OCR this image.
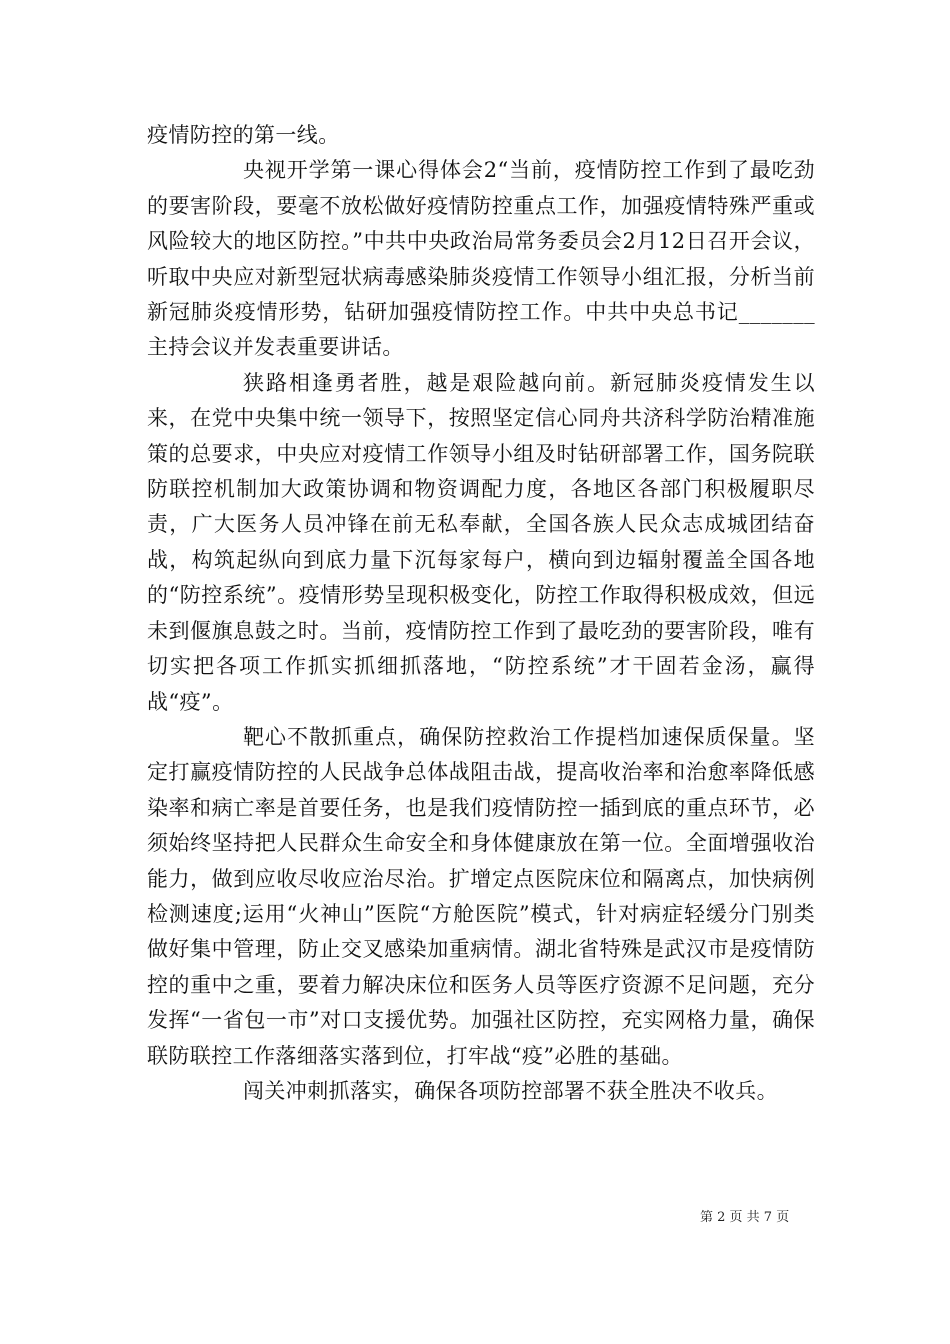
疫情防控的第一线。

央视开学第一课心得体会2“当前，疫情防控工作到了最吃劲的要害阶段，要毫不放松做好疫情防控重点工作，加强疫情特殊严重或风险较大的地区防控。”中共中央政治局常务委员会2月12日召开会议，听取中央应对新型冠状病毒感染肺炎疫情工作领导小组汇报，分析当前新冠肺炎疫情形势，钻研加强疫情防控工作。中共中央总书记_______主持会议并发表重要讲话。

狭路相逢勇者胜，越是艰险越向前。新冠肺炎疫情发生以来，在党中央集中统一领导下，按照坚定信心同舟共济科学防治精准施策的总要求，中央应对疫情工作领导小组及时钻研部署工作，国务院联防联控机制加大政策协调和物资调配力度，各地区各部门积极履职尽责，广大医务人员冲锋在前无私奉献，全国各族人民众志成城团结奋战，构筑起纵向到底力量下沉每家每户，横向到边辐射覆盖全国各地的“防控系统”。疫情形势呈现积极变化，防控工作取得积极成效，但远未到偃旗息鼓之时。当前，疫情防控工作到了最吃劲的要害阶段，唯有切实把各项工作抓实抓细抓落地，“防控系统”才干固若金汤，赢得战“疫”。

靶心不散抓重点，确保防控救治工作提档加速保质保量。坚定打赢疫情防控的人民战争总体战阻击战，提高收治率和治愈率降低感染率和病亡率是首要任务，也是我们疫情防控一插到底的重点环节，必须始终坚持把人民群众生命安全和身体健康放在第一位。全面增强收治能力，做到应收尽收应治尽治。扩增定点医院床位和隔离点，加快病例检测速度;运用“火神山”医院“方舱医院”模式，针对病症轻缓分门别类做好集中管理，防止交叉感染加重病情。湖北省特殊是武汉市是疫情防控的重中之重，要着力解决床位和医务人员等医疗资源不足问题，充分发挥“一省包一市”对口支援优势。加强社区防控，充实网格力量，确保联防联控工作落细落实落到位，打牢战“疫”必胜的基础。

闯关冲刺抓落实，确保各项防控部署不获全胜决不收兵。

第 2 页 共 7 页
